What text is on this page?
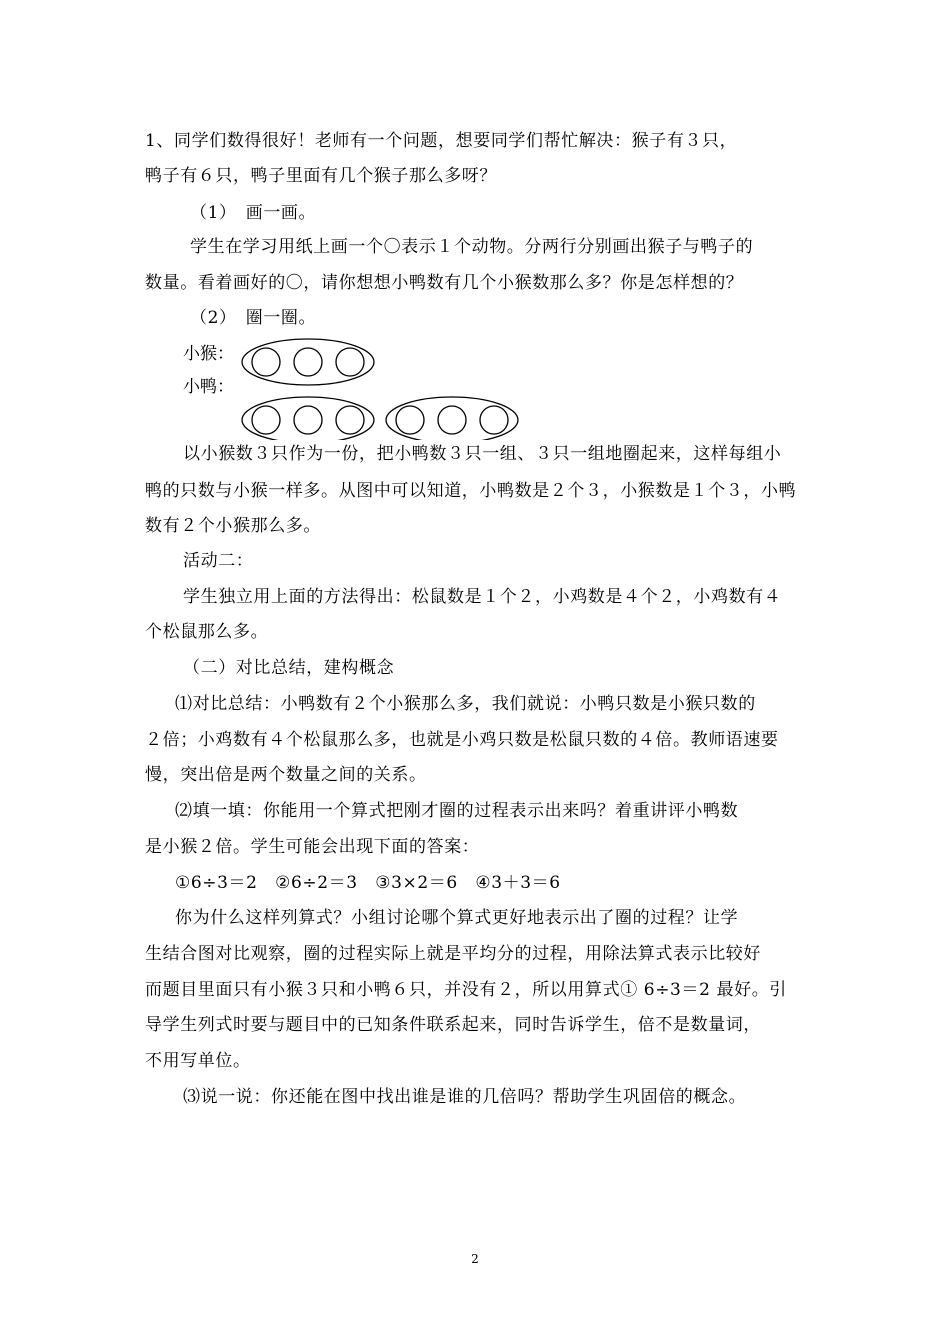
1、同学们数得很好！老师有一个问题，想要同学们帮忙解决：猴子有３只，
鸭子有６只，鸭子里面有几个猴子那么多呀？
（1）　画一画。
学生在学习用纸上画一个〇表示１个动物。分两行分别画出猴子与鸭子的
数量。看着画好的〇，请你想想小鸭数有几个小猴数那么多？你是怎样想的？
（2）　圈一圈。
小猴：
小鸭：
以小猴数３只作为一份，把小鸭数３只一组、３只一组地圈起来，这样每组小
鸭的只数与小猴一样多。从图中可以知道，小鸭数是２个３，小猴数是１个３，小鸭
数有２个小猴那么多。
活动二：
学生独立用上面的方法得出：松鼠数是１个２，小鸡数是４个２，小鸡数有４
个松鼠那么多。
（二）对比总结，建构概念
⑴对比总结：小鸭数有２个小猴那么多，我们就说：小鸭只数是小猴只数的
２倍；小鸡数有４个松鼠那么多，也就是小鸡只数是松鼠只数的４倍。教师语速要
慢，突出倍是两个数量之间的关系。
⑵填一填：你能用一个算式把刚才圈的过程表示出来吗？着重讲评小鸭数
是小猴２倍。学生可能会出现下面的答案：
①6÷3＝2　②6÷2＝3　③3×2＝6　④3＋3＝6
你为什么这样列算式？小组讨论哪个算式更好地表示出了圈的过程？让学
生结合图对比观察，圈的过程实际上就是平均分的过程，用除法算式表示比较好
而题目里面只有小猴３只和小鸭６只，并没有２，所以用算式① 6÷3＝2 最好。引
导学生列式时要与题目中的已知条件联系起来，同时告诉学生，倍不是数量词，
不用写单位。
⑶说一说：你还能在图中找出谁是谁的几倍吗？帮助学生巩固倍的概念。
2
